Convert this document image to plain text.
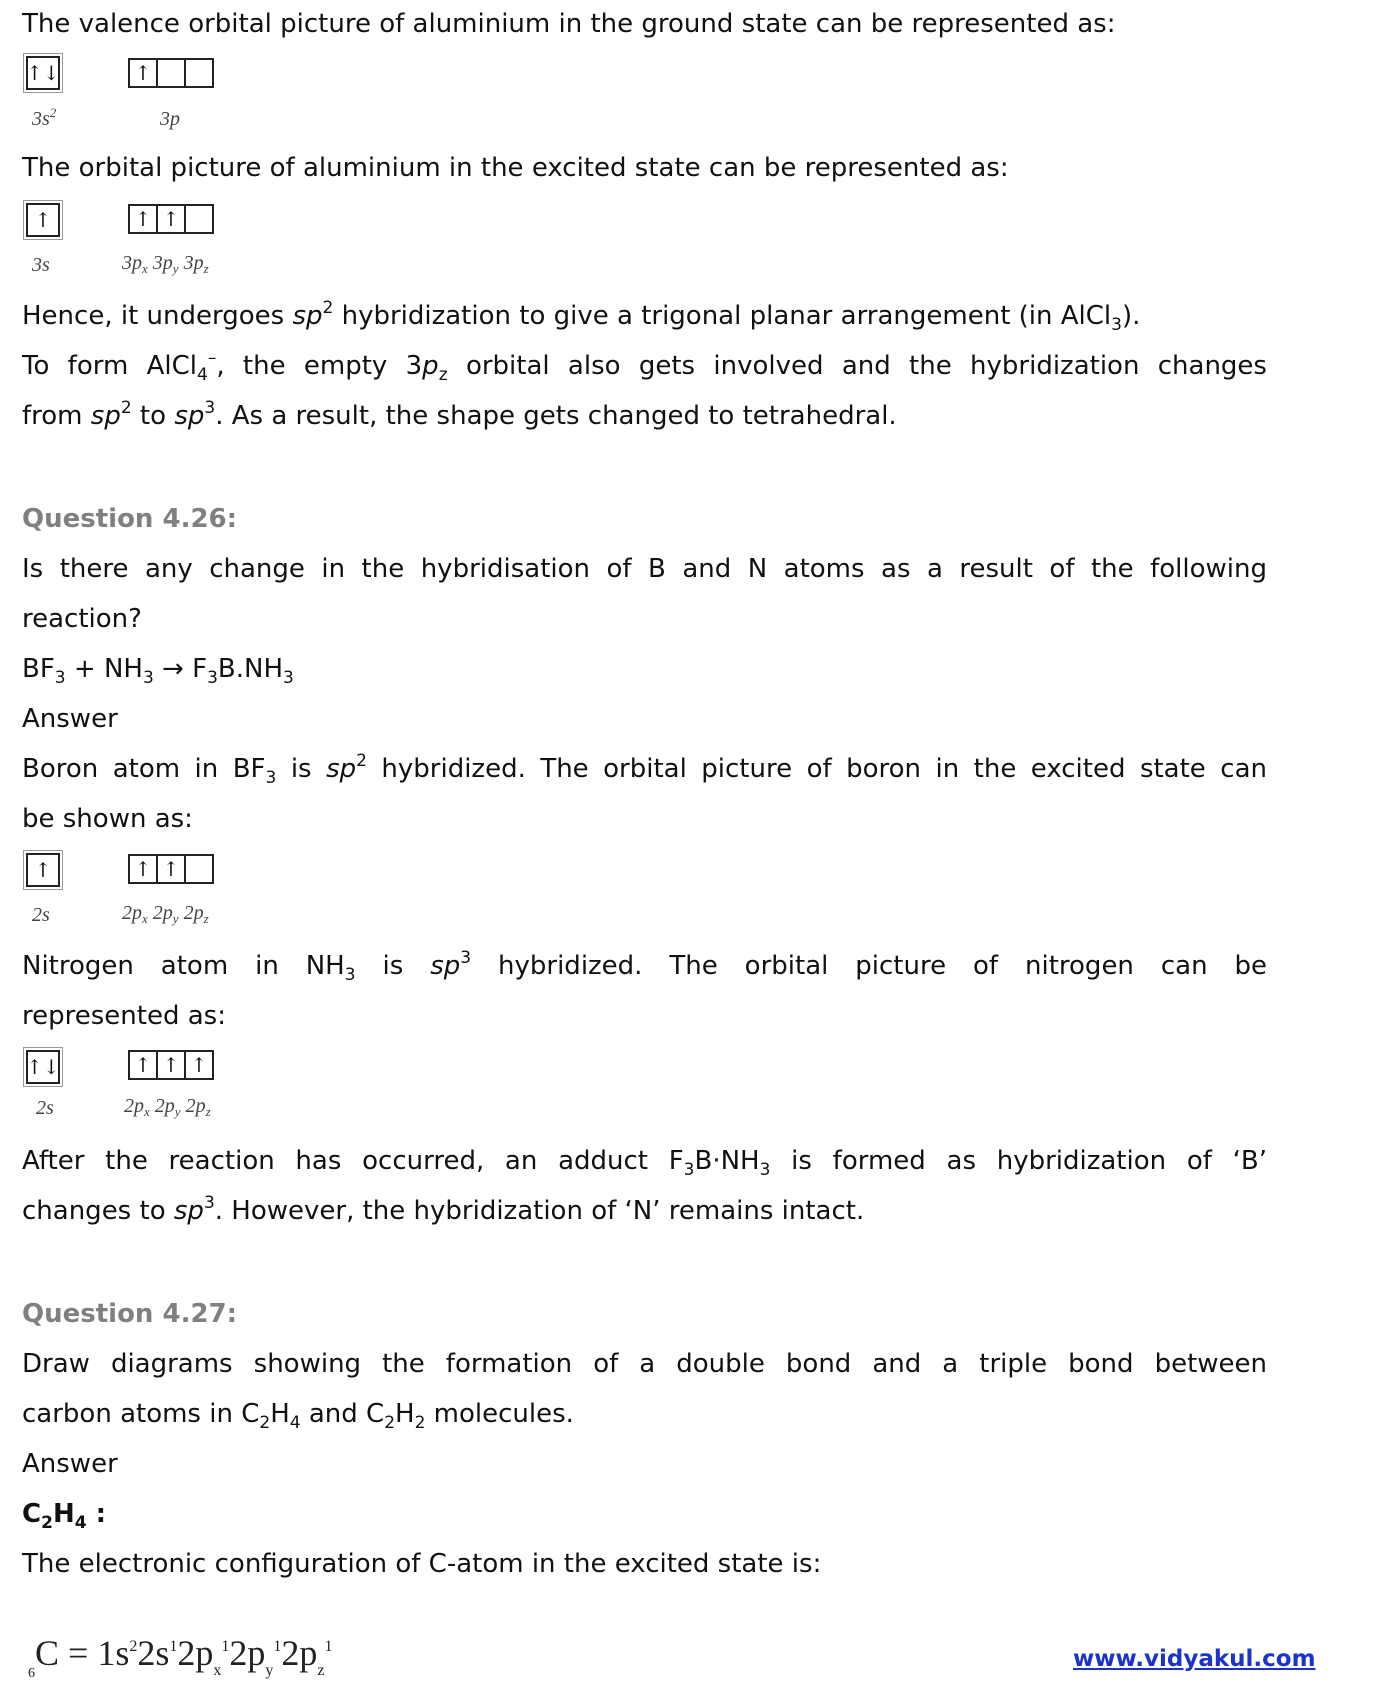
The valence orbital picture of aluminium in the ground state can be represented as:
↑↓	↑
$3s^2$	3p
The orbital picture of aluminium in the excited state can be represented as:
↑	↑ ↑
3s	$3p_x$ $3p_y$ $3p_z$
Hence, it undergoes $sp^2$ hybridization to give a trigonal planar arrangement (in AlCl$_3$).
To form AlCl$_4$–, the empty $3p_z$ orbital also gets involved and the hybridization changes
from $sp^2$ to $sp^3$. As a result, the shape gets changed to tetrahedral.
Question 4.26:
Is there any change in the hybridisation of B and N atoms as a result of the following
reaction?
$BF_3 + NH_3 \to F_3B.NH_3$
Answer
Boron atom in $BF_3$ is $sp^2$ hybridized. The orbital picture of boron in the excited state can
be shown as:
↑	↑ ↑
2s	$2p_x$ $2p_y$ $2p_z$
Nitrogen atom in $NH_3$ is $sp^3$ hybridized. The orbital picture of nitrogen can be
represented as:
↑↓	↑ ↑ ↑
2s	$2p_x$ $2p_y$ $2p_z$
After the reaction has occurred, an adduct $F_3B\cdot NH_3$ is formed as hybridization of ‘B’
changes to $sp^3$. However, the hybridization of ‘N’ remains intact.
Question 4.27:
Draw diagrams showing the formation of a double bond and a triple bond between
carbon atoms in $C_2H_4$ and $C_2H_2$ molecules.
Answer
$C_2H_4$ :
The electronic configuration of C-atom in the excited state is:
$_6C = 1s^22s^12p_x^12p_y^12p_z^1$	www.vidyakul.com
